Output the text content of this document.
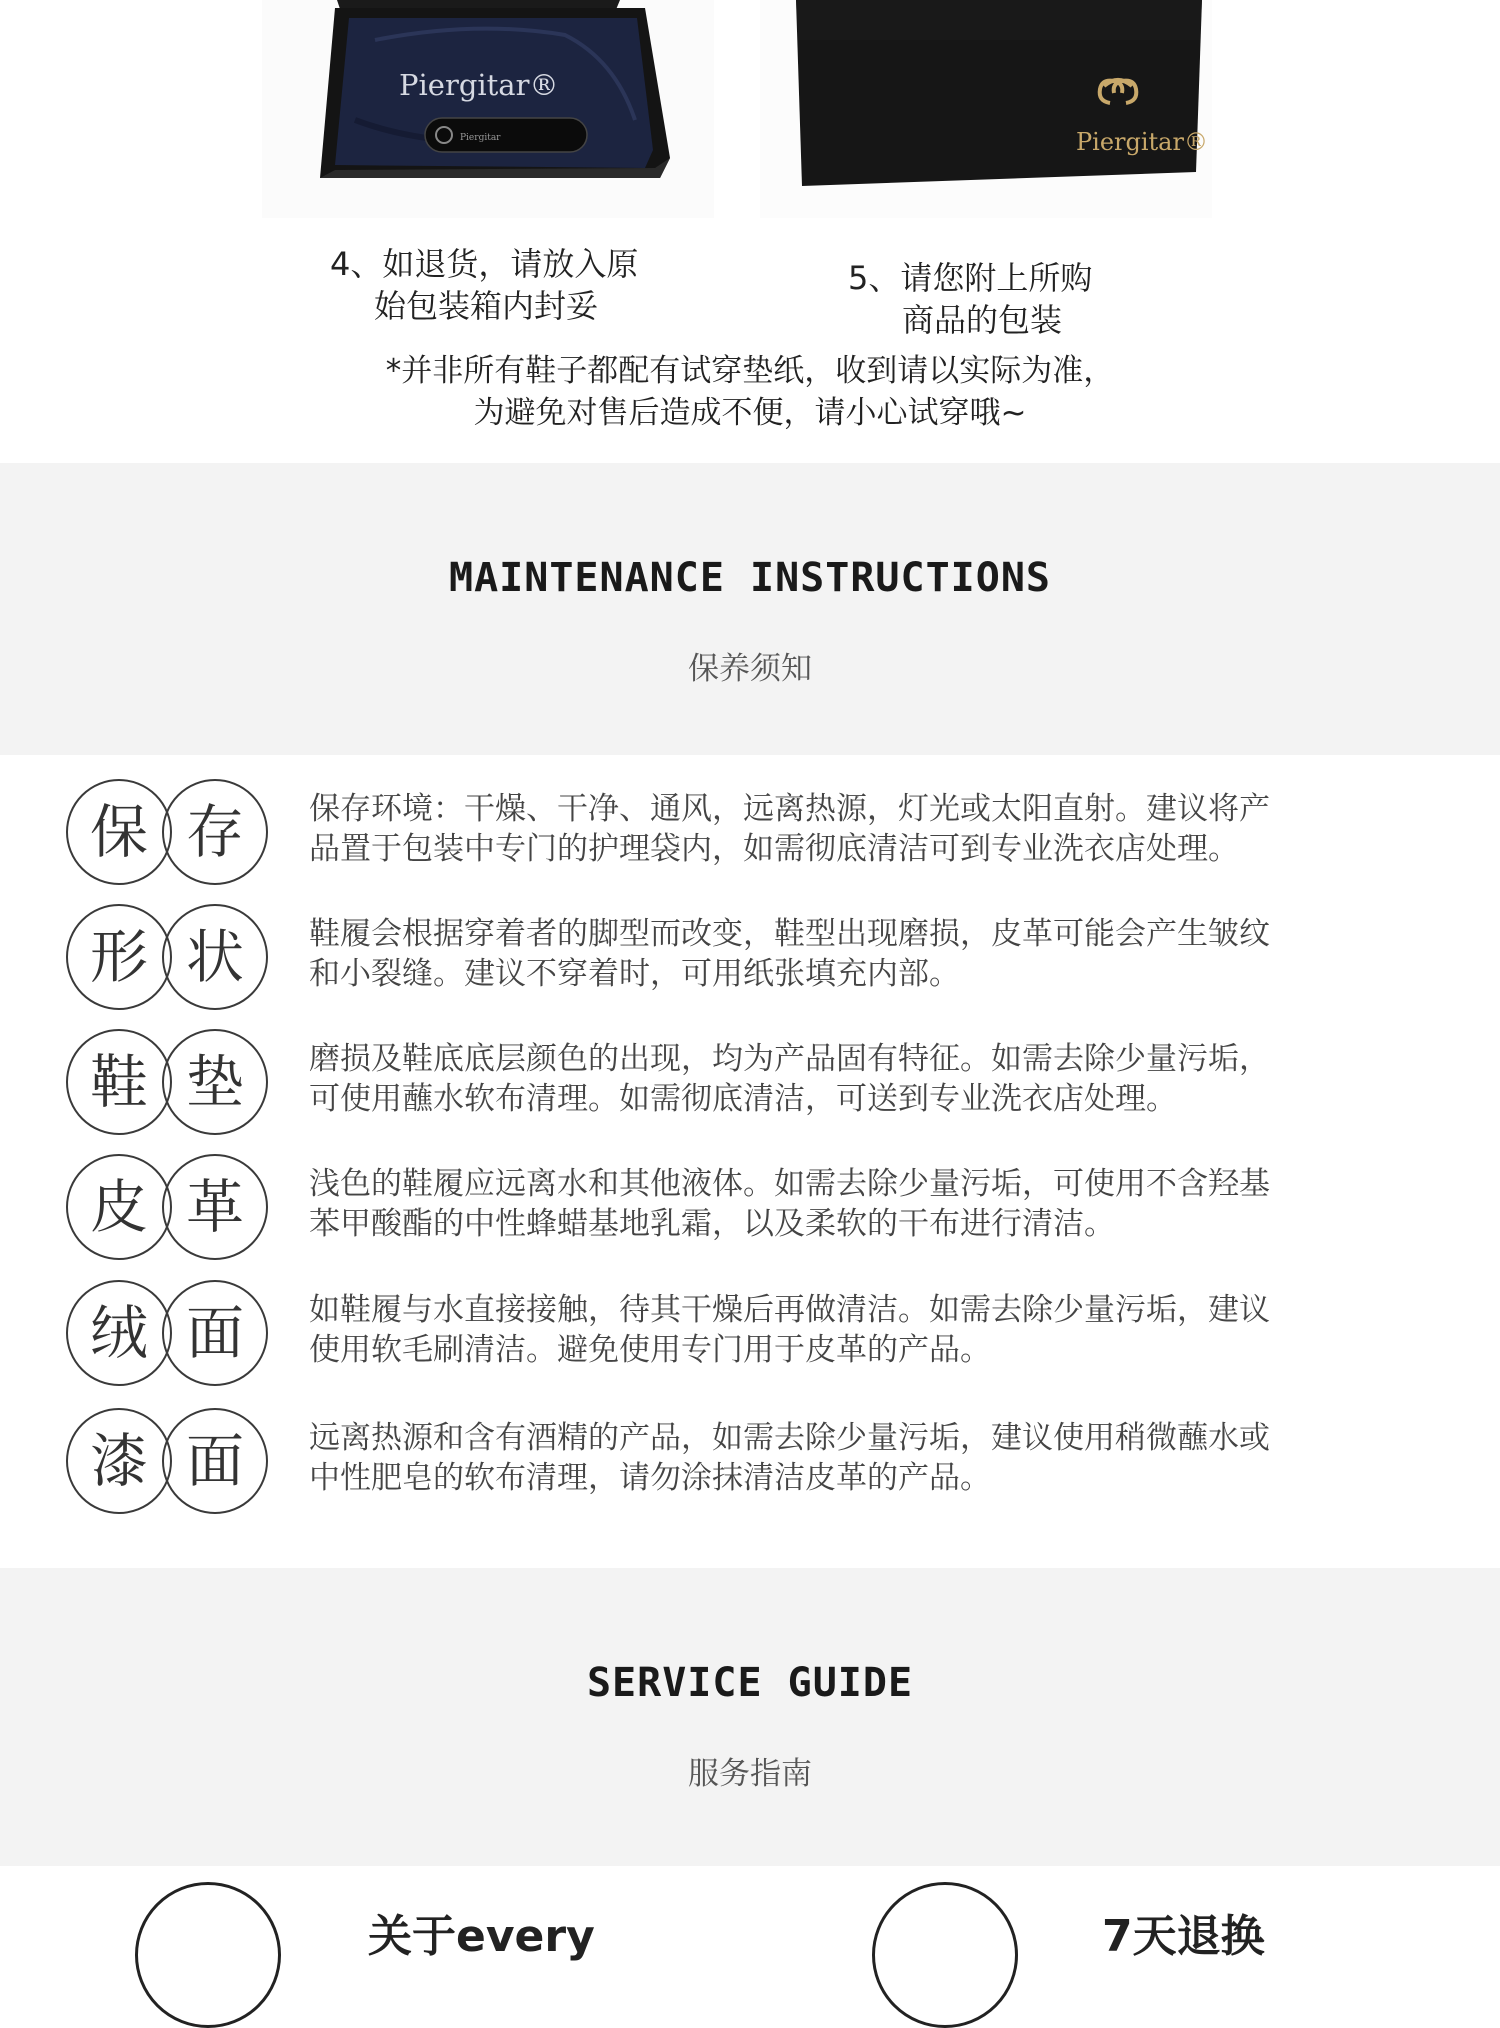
Piergitar®
Piergitar	Piergitar®
4、如退货，请放入原
始包装箱内封妥
5、请您附上所购
商品的包装
*并非所有鞋子都配有试穿垫纸，收到请以实际为准，
为避免对售后造成不便，请小心试穿哦~
MAINTENANCE INSTRUCTIONS
保养须知
保 存	保存环境：干燥、干净、通风，远离热源，灯光或太阳直射。建议将产
品置于包装中专门的护理袋内，如需彻底清洁可到专业洗衣店处理。
形 状	鞋履会根据穿着者的脚型而改变，鞋型出现磨损，皮革可能会产生皱纹
和小裂缝。建议不穿着时，可用纸张填充内部。
鞋 垫	磨损及鞋底底层颜色的出现，均为产品固有特征。如需去除少量污垢，
可使用蘸水软布清理。如需彻底清洁，可送到专业洗衣店处理。
皮 革	浅色的鞋履应远离水和其他液体。如需去除少量污垢，可使用不含羟基
苯甲酸酯的中性蜂蜡基地乳霜，以及柔软的干布进行清洁。
绒 面	如鞋履与水直接接触，待其干燥后再做清洁。如需去除少量污垢，建议
使用软毛刷清洁。避免使用专门用于皮革的产品。
漆 面	远离热源和含有酒精的产品，如需去除少量污垢，建议使用稍微蘸水或
中性肥皂的软布清理，请勿涂抹清洁皮革的产品。
SERVICE GUIDE
服务指南
关于every	7天退换
